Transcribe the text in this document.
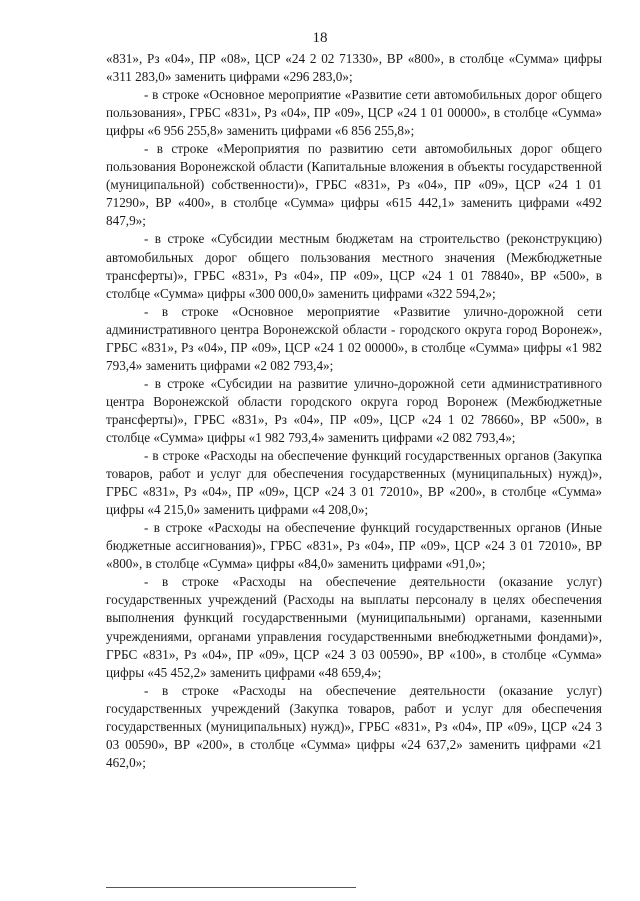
18

«831», Рз «04», ПР «08», ЦСР «24 2 02 71330», ВР «800», в столбце «Сумма» цифры «311 283,0» заменить цифрами «296 283,0»;

- в строке «Основное мероприятие «Развитие сети автомобильных дорог общего пользования», ГРБС «831», Рз «04», ПР «09», ЦСР «24 1 01 00000», в столбце «Сумма» цифры «6 956 255,8» заменить цифрами «6 856 255,8»;

- в строке «Мероприятия по развитию сети автомобильных дорог общего пользования Воронежской области (Капитальные вложения в объекты государственной (муниципальной) собственности)», ГРБС «831», Рз «04», ПР «09», ЦСР «24 1 01 71290», ВР «400», в столбце «Сумма» цифры «615 442,1» заменить цифрами «492 847,9»;

- в строке «Субсидии местным бюджетам на строительство (реконструкцию) автомобильных дорог общего пользования местного значения (Межбюджетные трансферты)», ГРБС «831», Рз «04», ПР «09», ЦСР «24 1 01 78840», ВР «500», в столбце «Сумма» цифры «300 000,0» заменить цифрами «322 594,2»;

- в строке «Основное мероприятие «Развитие улично-дорожной сети административного центра Воронежской области - городского округа город Воронеж», ГРБС «831», Рз «04», ПР «09», ЦСР «24 1 02 00000», в столбце «Сумма» цифры «1 982 793,4» заменить цифрами «2 082 793,4»;

- в строке «Субсидии на развитие улично-дорожной сети административного центра Воронежской области городского округа город Воронеж (Межбюджетные трансферты)», ГРБС «831», Рз «04», ПР «09», ЦСР «24 1 02 78660», ВР «500», в столбце «Сумма» цифры «1 982 793,4» заменить цифрами «2 082 793,4»;

- в строке «Расходы на обеспечение функций государственных органов (Закупка товаров, работ и услуг для обеспечения государственных (муниципальных) нужд)», ГРБС «831», Рз «04», ПР «09», ЦСР «24 3 01 72010», ВР «200», в столбце «Сумма» цифры «4 215,0» заменить цифрами «4 208,0»;

- в строке «Расходы на обеспечение функций государственных органов (Иные бюджетные ассигнования)», ГРБС «831», Рз «04», ПР «09», ЦСР «24 3 01 72010», ВР «800», в столбце «Сумма» цифры «84,0» заменить цифрами «91,0»;

- в строке «Расходы на обеспечение деятельности (оказание услуг) государственных учреждений (Расходы на выплаты персоналу в целях обеспечения выполнения функций государственными (муниципальными) органами, казенными учреждениями, органами управления государственными внебюджетными фондами)», ГРБС «831», Рз «04», ПР «09», ЦСР «24 3 03 00590», ВР «100», в столбце «Сумма» цифры «45 452,2» заменить цифрами «48 659,4»;

- в строке «Расходы на обеспечение деятельности (оказание услуг) государственных учреждений (Закупка товаров, работ и услуг для обеспечения государственных (муниципальных) нужд)», ГРБС «831», Рз «04», ПР «09», ЦСР «24 3 03 00590», ВР «200», в столбце «Сумма» цифры «24 637,2» заменить цифрами «21 462,0»;
